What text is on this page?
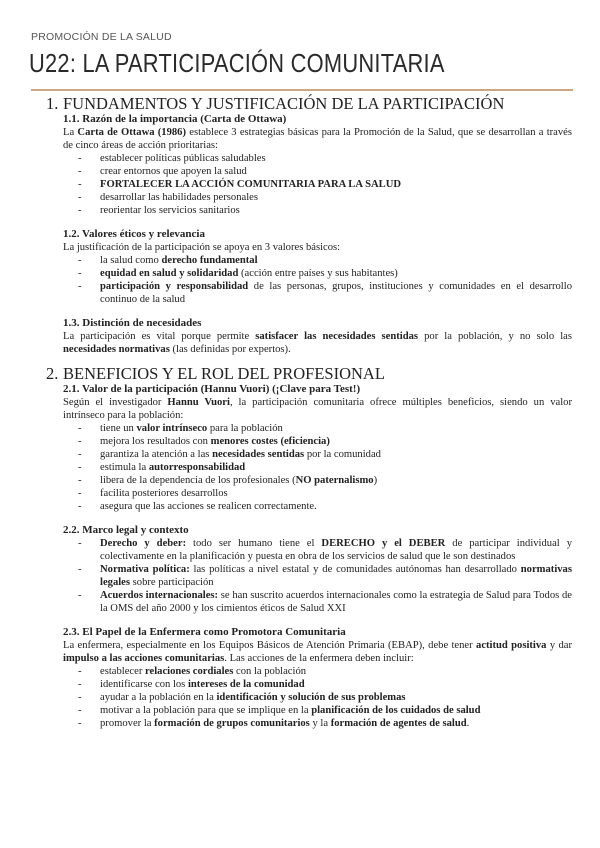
PROMOCIÓN DE LA SALUD
U22: LA PARTICIPACIÓN COMUNITARIA
1. FUNDAMENTOS Y JUSTIFICACIÓN DE LA PARTICIPACIÓN
1.1. Razón de la importancia (Carta de Ottawa)

La Carta de Ottawa (1986) establece 3 estrategias básicas para la Promoción de la Salud, que se desarrollan a través de cinco áreas de acción prioritarias:

- establecer políticas públicas saludables
- crear entornos que apoyen la salud
- FORTALECER LA ACCIÓN COMUNITARIA PARA LA SALUD
- desarrollar las habilidades personales
- reorientar los servicios sanitarios
1.2. Valores éticos y relevancia

La justificación de la participación se apoya en 3 valores básicos:

- la salud como derecho fundamental
- equidad en salud y solidaridad (acción entre países y sus habitantes)
- participación y responsabilidad de las personas, grupos, instituciones y comunidades en el desarrollo continuo de la salud
1.3. Distinción de necesidades

La participación es vital porque permite satisfacer las necesidades sentidas por la población, y no solo las necesidades normativas (las definidas por expertos).

2. BENEFICIOS Y EL ROL DEL PROFESIONAL
2.1. Valor de la participación (Hannu Vuori) (¡Clave para Test!)

Según el investigador Hannu Vuori, la participación comunitaria ofrece múltiples beneficios, siendo un valor intrínseco para la población:

- tiene un valor intrínseco para la población
- mejora los resultados con menores costes (eficiencia)
- garantiza la atención a las necesidades sentidas por la comunidad
- estimula la autorresponsabilidad
- libera de la dependencia de los profesionales (NO paternalismo)
- facilita posteriores desarrollos
- asegura que las acciones se realicen correctamente.
2.2. Marco legal y contexto
- Derecho y deber: todo ser humano tiene el DERECHO y el DEBER de participar individual y colectivamente en la planificación y puesta en obra de los servicios de salud que le son destinados
- Normativa política: las políticas a nivel estatal y de comunidades autónomas han desarrollado normativas legales sobre participación
- Acuerdos internacionales: se han suscrito acuerdos internacionales como la estrategia de Salud para Todos de la OMS del año 2000 y los cimientos éticos de Salud XXI
2.3. El Papel de la Enfermera como Promotora Comunitaria

La enfermera, especialmente en los Equipos Básicos de Atención Primaria (EBAP), debe tener actitud positiva y dar impulso a las acciones comunitarias. Las acciones de la enfermera deben incluir:

- establecer relaciones cordiales con la población
- identificarse con los intereses de la comunidad
- ayudar a la población en la identificación y solución de sus problemas
- motivar a la población para que se implique en la planificación de los cuidados de salud
- promover la formación de grupos comunitarios y la formación de agentes de salud.
